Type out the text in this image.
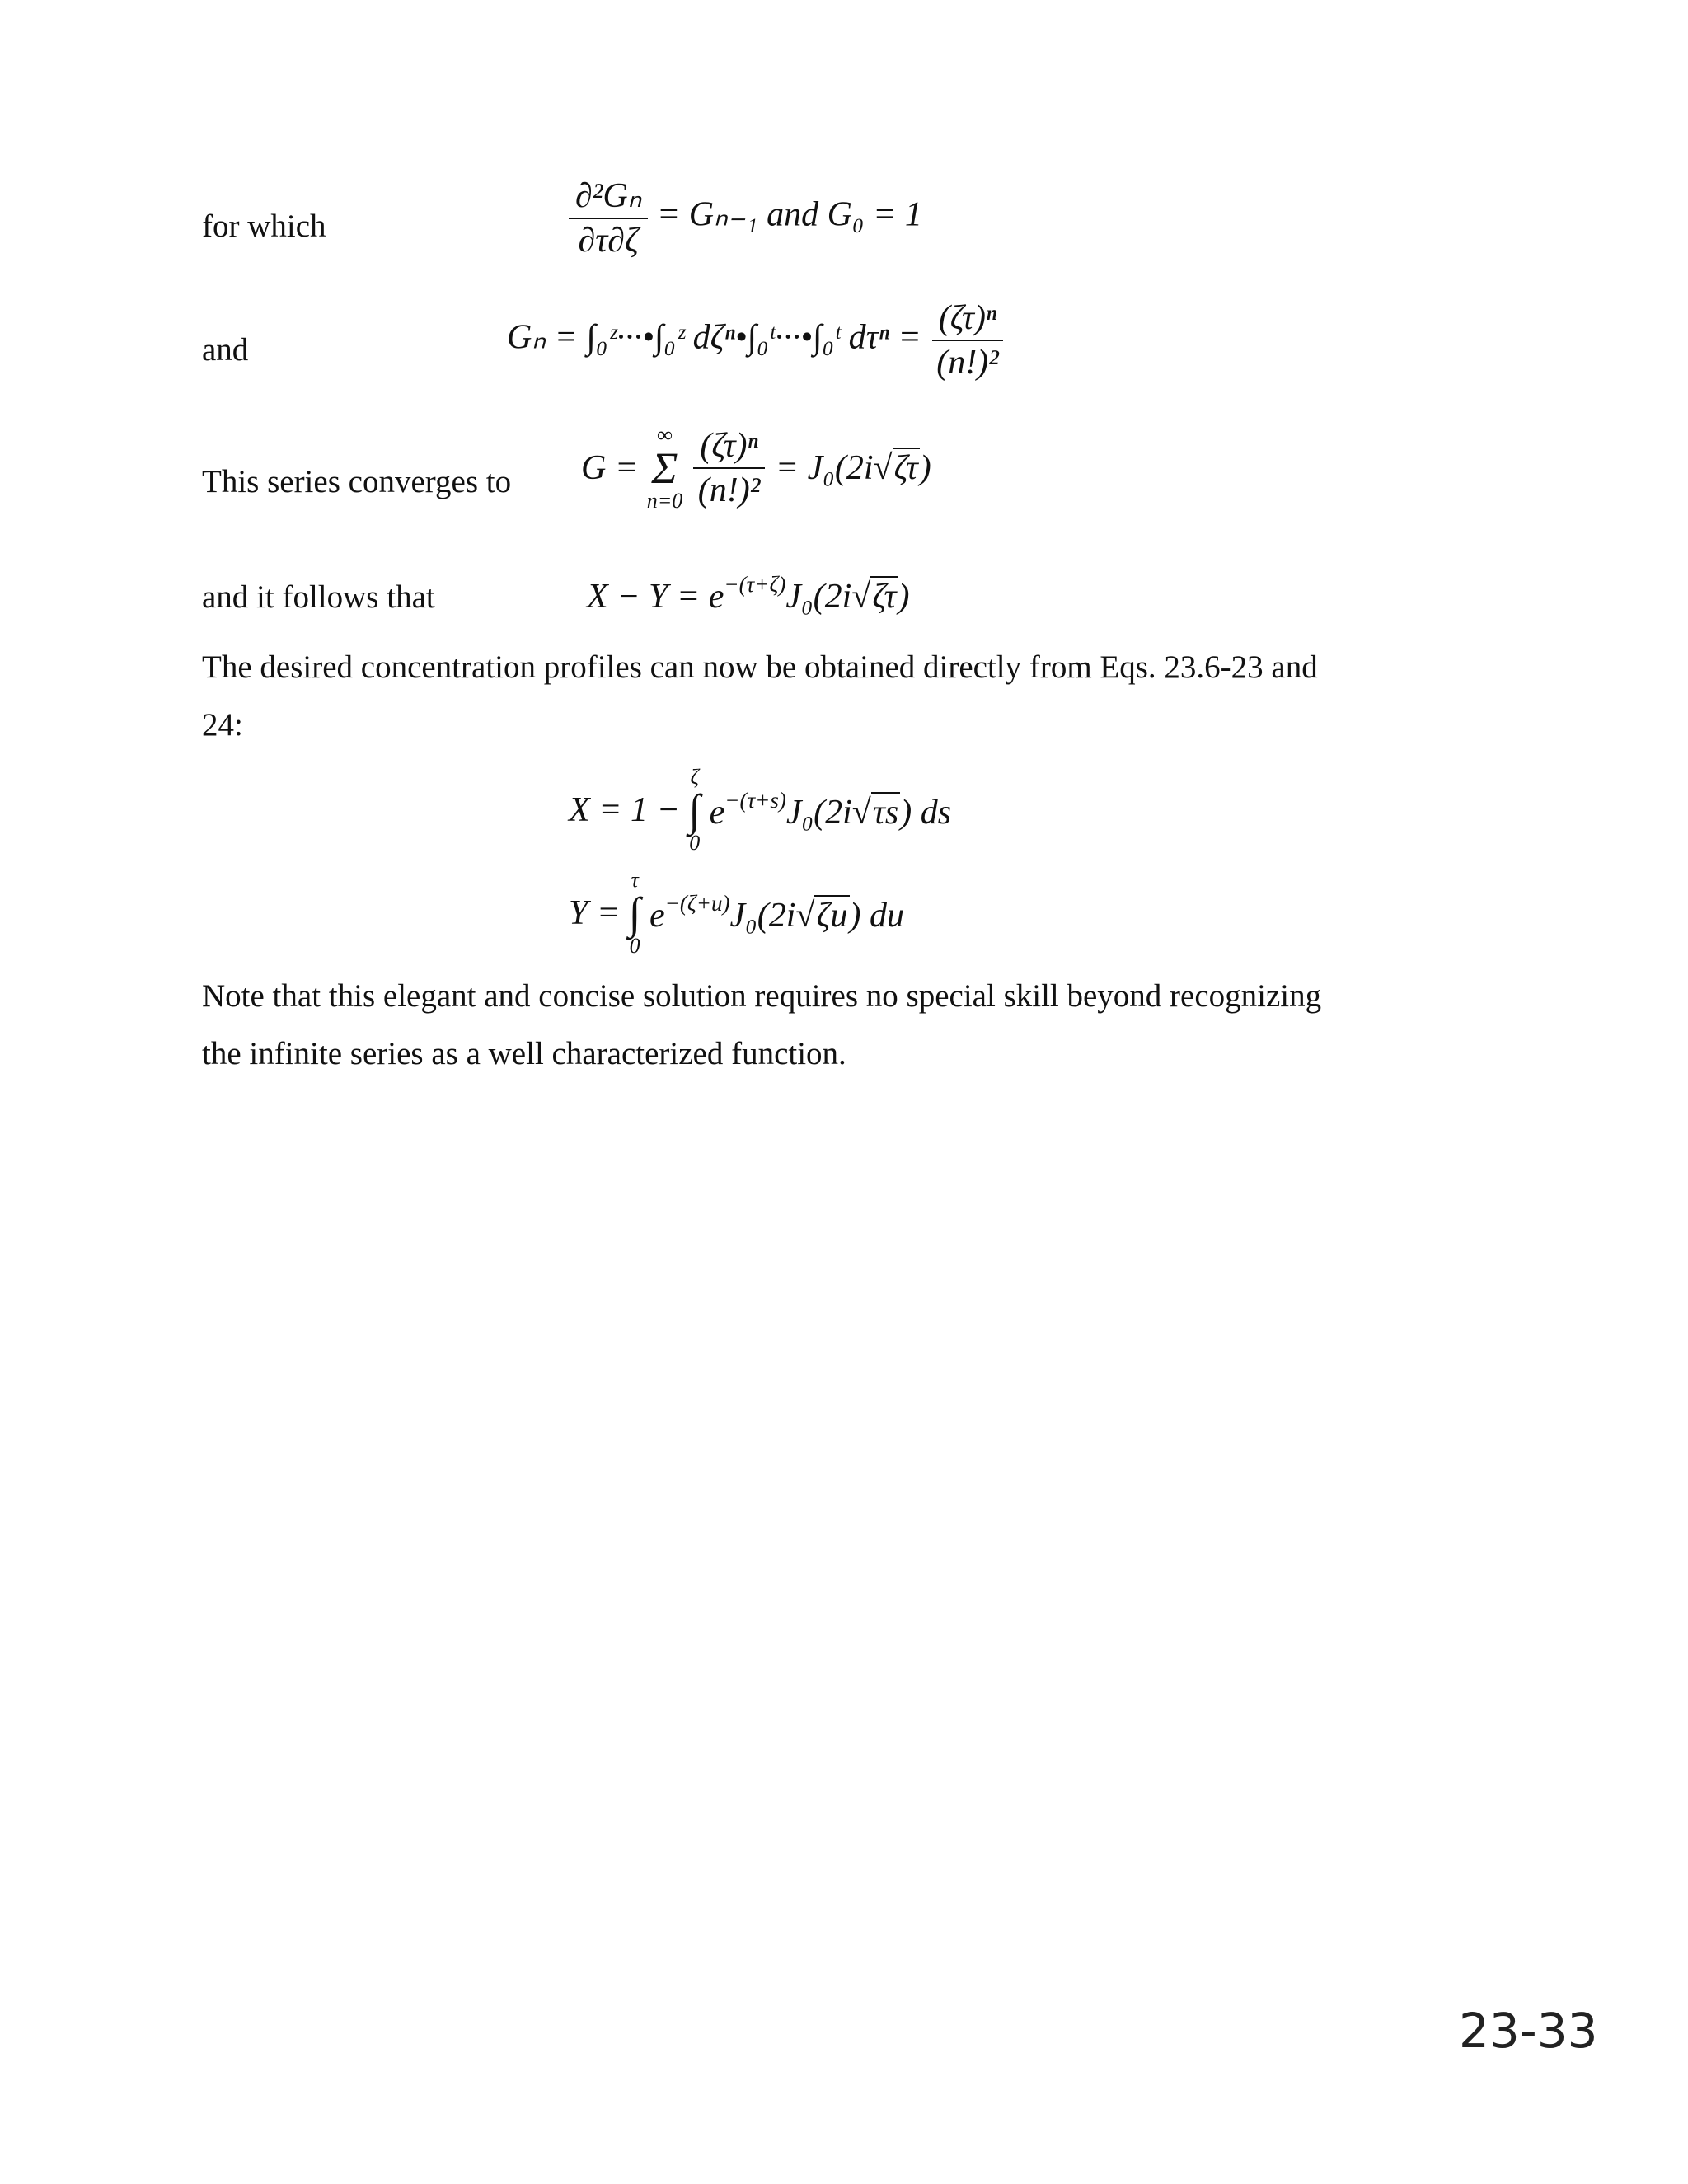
for which	$\frac{\text{∂²Gₙ}}{\partial\tau\partial\zeta} = G_{n-1}$ and G₀ = 1
and	Gₙ = ∫₀ᶻ···•∫₀ᶻ dζⁿ•∫₀ᵗ···•∫₀ᵗ $d\tau^n = \frac{\text{(ζτ)ⁿ}}{\text{(n!)²}}$
This series converges to G =
∞
Σ
n=0
$\frac{\text{(ζτ)ⁿ}}{\text{(n!)²}} = J_0(2i√\zeta\tau)$
and it follows that	$X - Y = e^{-(\tau+\zeta)}J_0(2i√\zeta\tau)$
The desired concentration profiles can now be obtained directly from Eqs. 23.6-23 and
24:
X = 1 −
ζ
∫
0
$e^{-(\tau+s)}J_0(2i√\tau s)$ ds
Y =
τ
∫
0
$e^{-(\zeta+u)}J_0(2i√\zeta u)$ du
Note that this elegant and concise solution requires no special skill beyond recognizing
the infinite series as a well characterized function.
23-33
